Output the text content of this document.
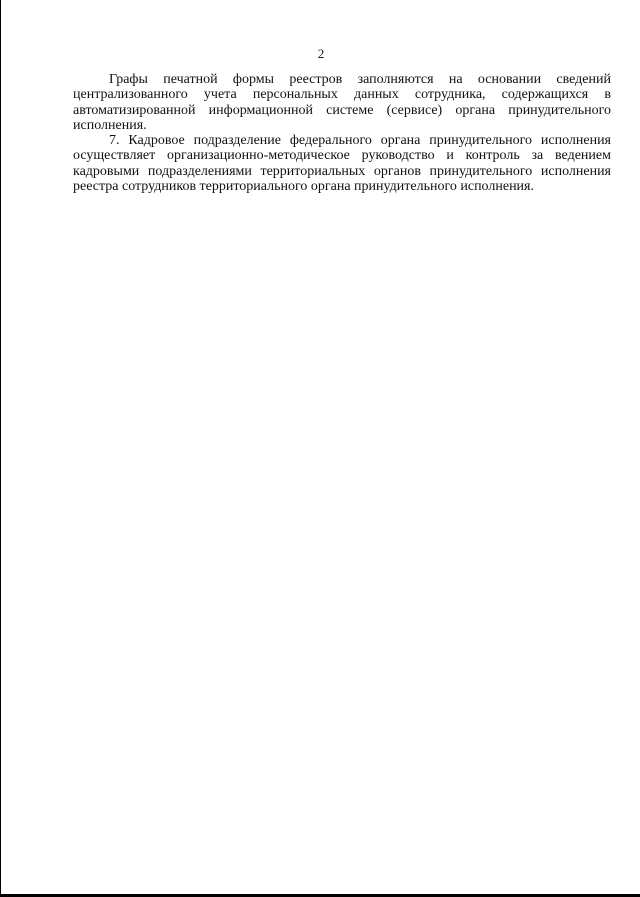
2

Графы печатной формы реестров заполняются на основании сведений централизованного учета персональных данных сотрудника, содержащихся в автоматизированной информационной системе (сервисе) органа принудительного исполнения.

7. Кадровое подразделение федерального органа принудительного исполнения осуществляет организационно-методическое руководство и контроль за ведением кадровыми подразделениями территориальных органов принудительного исполнения реестра сотрудников территориального органа принудительного исполнения.
